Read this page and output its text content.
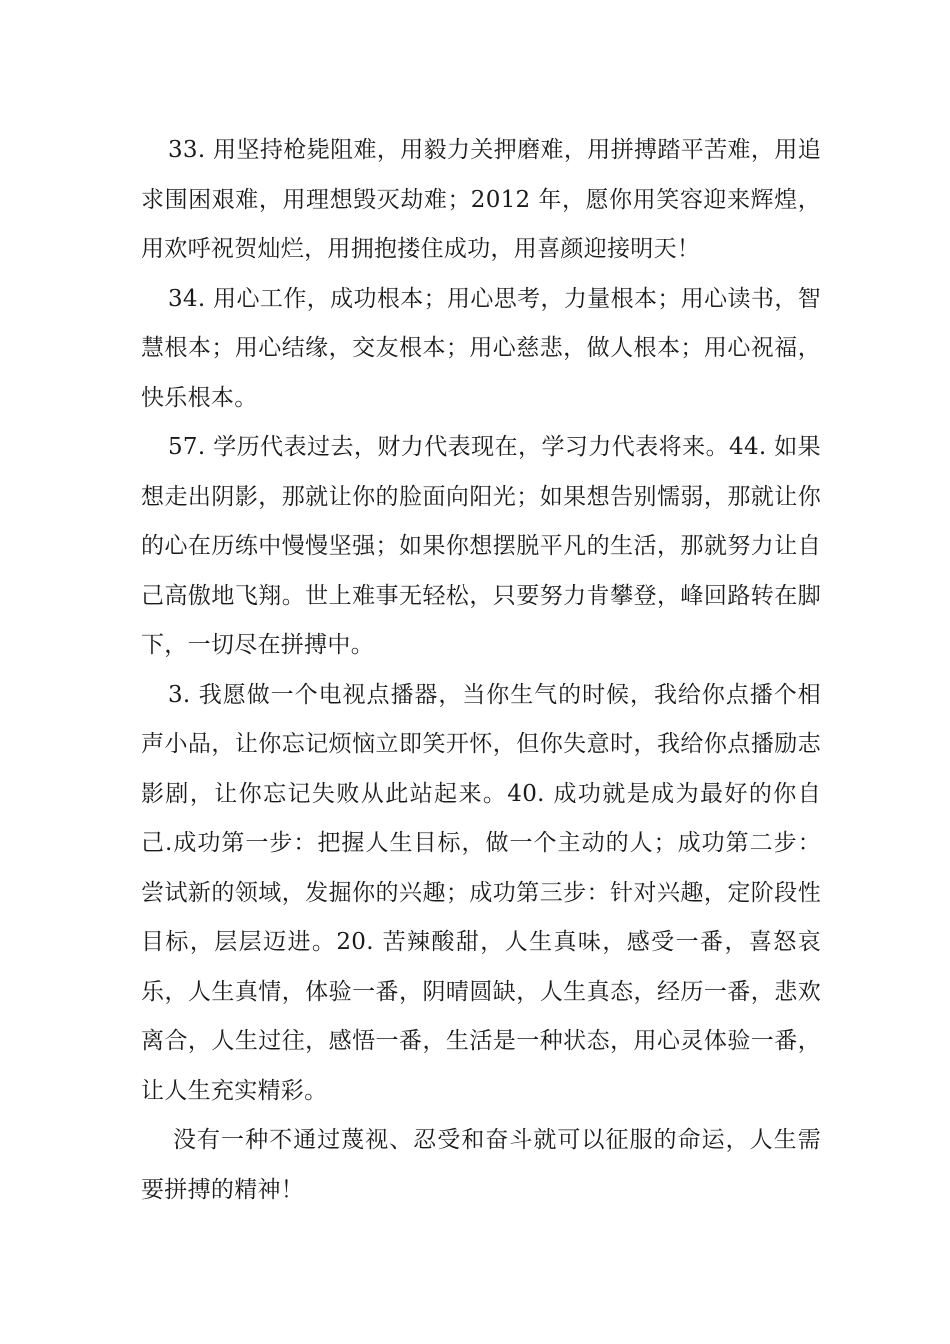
33. 用坚持枪毙阻难，用毅力关押磨难，用拼搏踏平苦难，用追求围困艰难，用理想毁灭劫难；2012 年，愿你用笑容迎来辉煌，用欢呼祝贺灿烂，用拥抱搂住成功，用喜颜迎接明天！

34. 用心工作，成功根本；用心思考，力量根本；用心读书，智慧根本；用心结缘，交友根本；用心慈悲，做人根本；用心祝福，快乐根本。

57. 学历代表过去，财力代表现在，学习力代表将来。44. 如果想走出阴影，那就让你的脸面向阳光；如果想告别懦弱，那就让你的心在历练中慢慢坚强；如果你想摆脱平凡的生活，那就努力让自己高傲地飞翔。世上难事无轻松，只要努力肯攀登，峰回路转在脚下，一切尽在拼搏中。

3. 我愿做一个电视点播器，当你生气的时候，我给你点播个相声小品，让你忘记烦恼立即笑开怀，但你失意时，我给你点播励志影剧，让你忘记失败从此站起来。40. 成功就是成为最好的你自己.成功第一步：把握人生目标，做一个主动的人；成功第二步：尝试新的领域，发掘你的兴趣；成功第三步：针对兴趣，定阶段性目标，层层迈进。20. 苦辣酸甜，人生真味，感受一番，喜怒哀乐，人生真情，体验一番，阴晴圆缺，人生真态，经历一番，悲欢离合，人生过往，感悟一番，生活是一种状态，用心灵体验一番，让人生充实精彩。

没有一种不通过蔑视、忍受和奋斗就可以征服的命运，人生需要拼搏的精神！
